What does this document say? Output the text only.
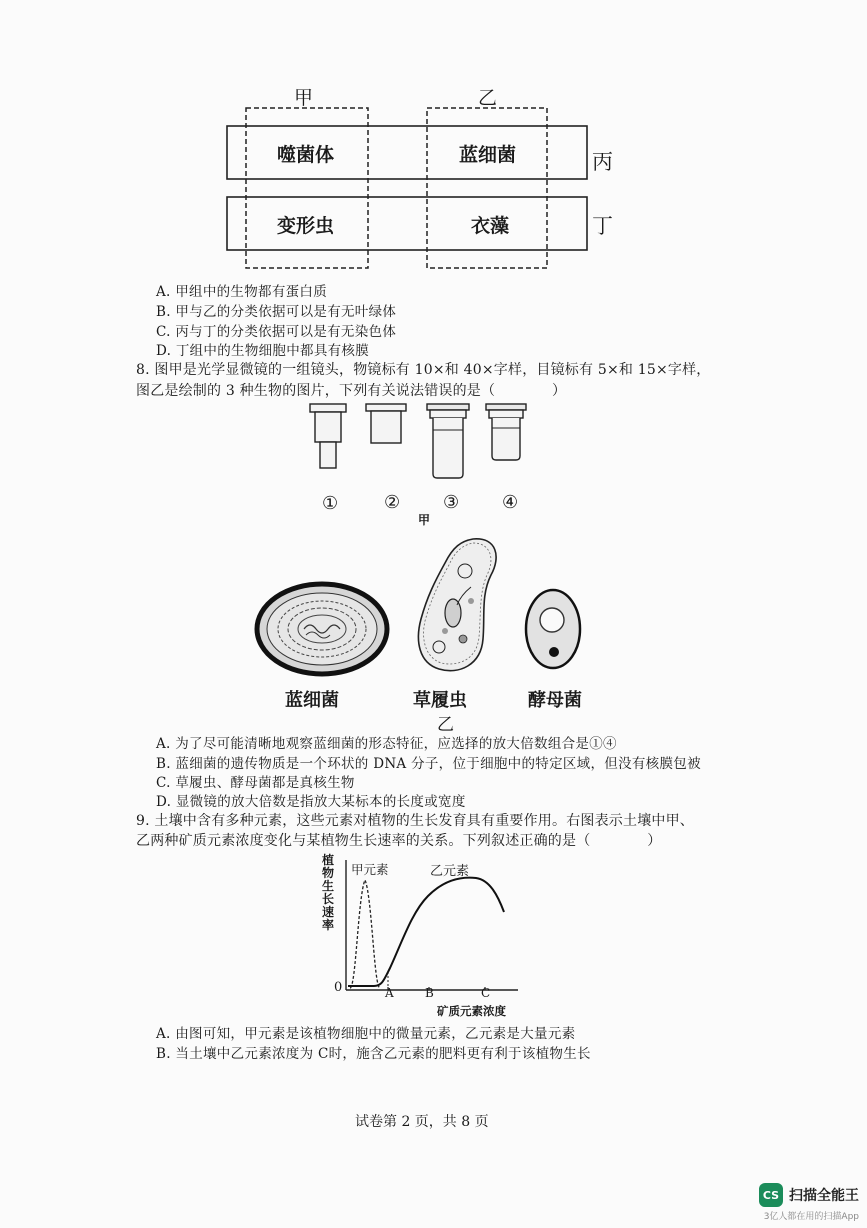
甲	乙
丙
丁
噬菌体	蓝细菌
变形虫	衣藻
A. 甲组中的生物都有蛋白质
B. 甲与乙的分类依据可以是有无叶绿体
C. 丙与丁的分类依据可以是有无染色体
D. 丁组中的生物细胞中都具有核膜
8. 图甲是光学显微镜的一组镜头，物镜标有 10×和 40×字样，目镜标有 5×和 15×字样，
图乙是绘制的 3 种生物的图片，下列有关说法错误的是（　　　　）
①	② ③ ④
甲
蓝细菌	草履虫	酵母菌
乙
A. 为了尽可能清晰地观察蓝细菌的形态特征，应选择的放大倍数组合是①④
B. 蓝细菌的遗传物质是一个环状的 DNA 分子，位于细胞中的特定区域，但没有核膜包被
C. 草履虫、酵母菌都是真核生物
D. 显微镜的放大倍数是指放大某标本的长度或宽度
9. 土壤中含有多种元素，这些元素对植物的生长发育具有重要作用。右图表示土壤中甲、
乙两种矿质元素浓度变化与某植物生长速率的关系。下列叙述正确的是（　　　　）
植物生长速率
甲元素	乙元素
0	A	B	C
矿质元素浓度
A. 由图可知，甲元素是该植物细胞中的微量元素，乙元素是大量元素
B. 当土壤中乙元素浓度为 C时，施含乙元素的肥料更有利于该植物生长
试卷第 2 页，共 8 页
CS 扫描全能王
3亿人都在用的扫描App
